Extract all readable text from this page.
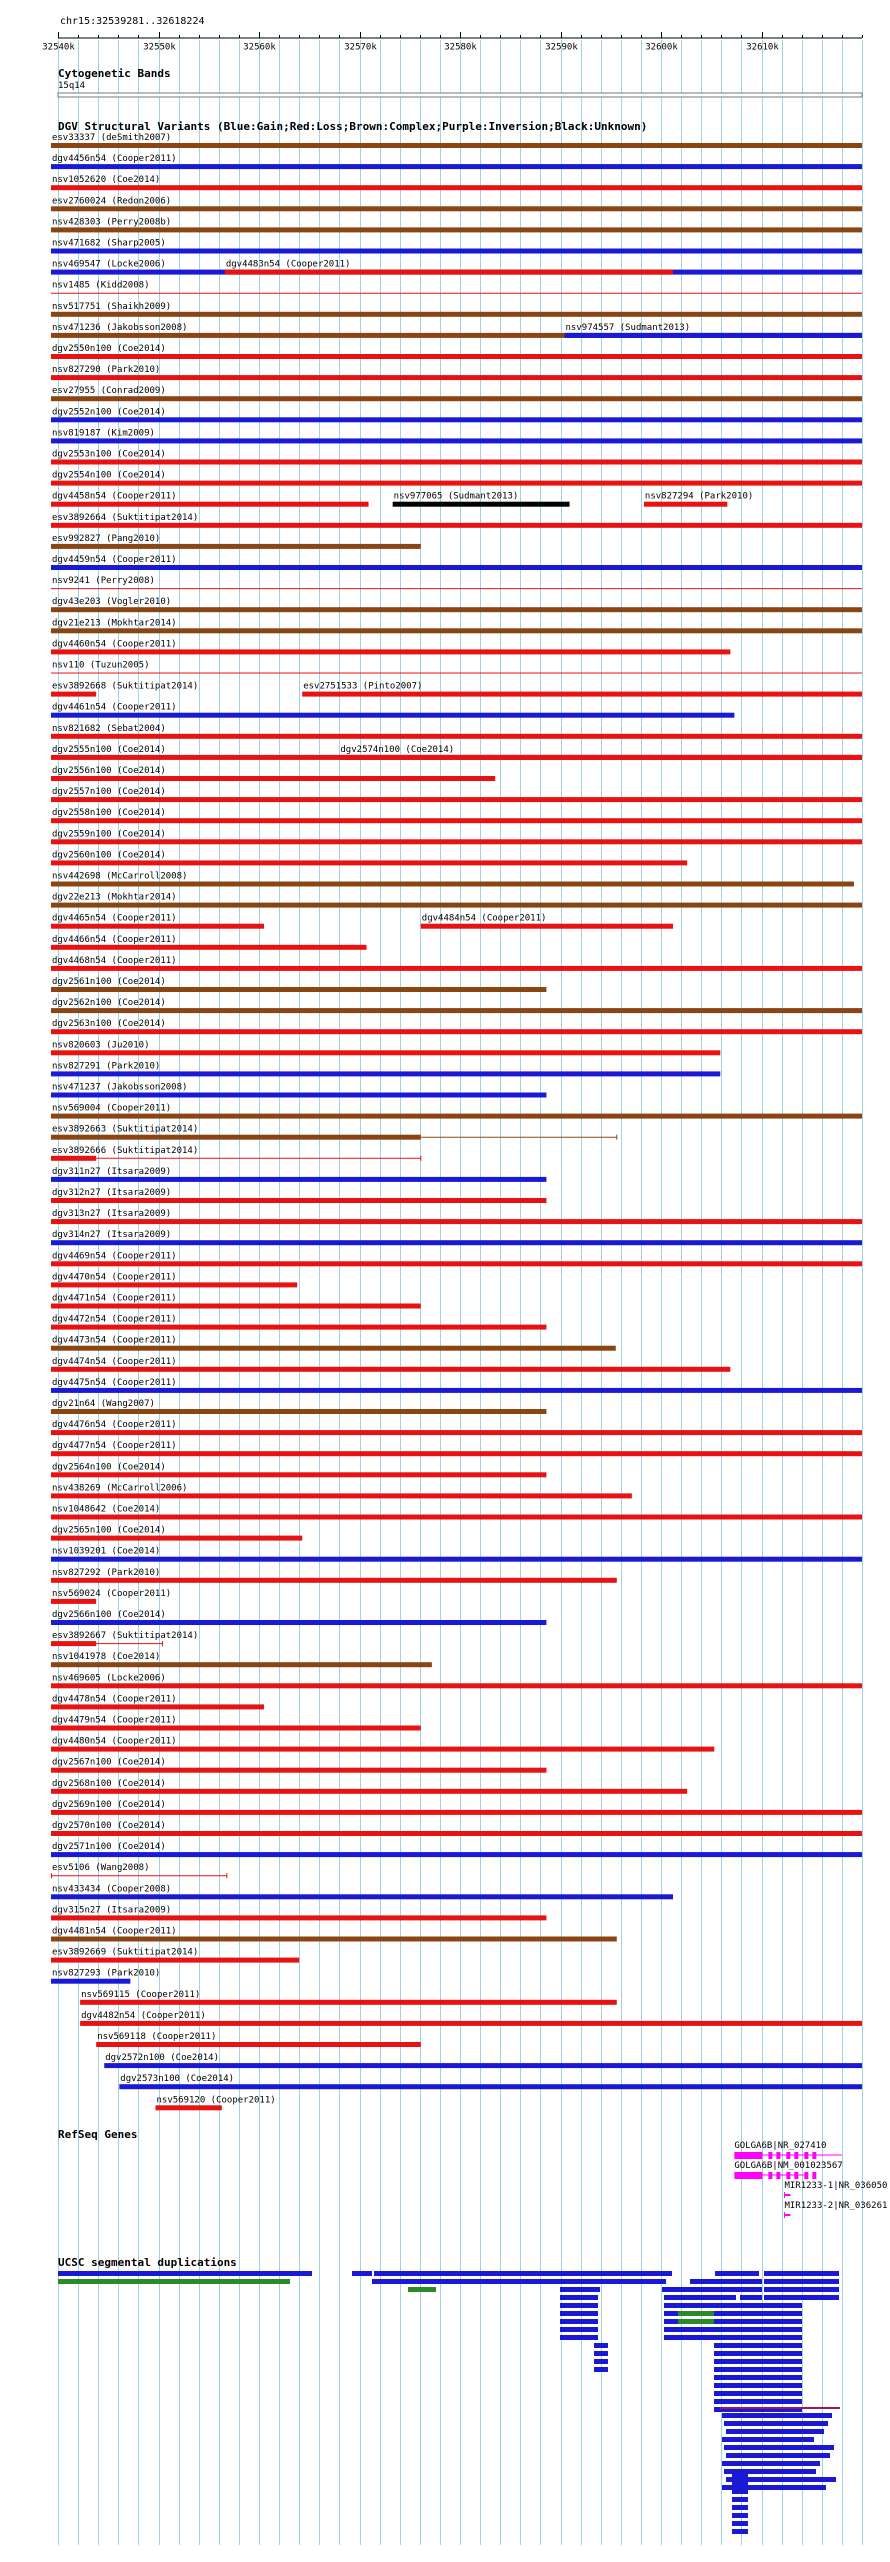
chr15:32539281..32618224
32540k	32550k	32560k	32570k	32580k	32590k	32600k	32610k
Cytogenetic Bands
15q14
DGV Structural Variants (Blue:Gain;Red:Loss;Brown:Complex;Purple:Inversion;Black:Unknown)
esv33337 (deSmith2007)
dgv4456n54 (Cooper2011)
nsv1052620 (Coe2014)
esv2760024 (Redon2006)
nsv428303 (Perry2008b)
nsv471682 (Sharp2005)
nsv469547 (Locke2006)	dgv4483n54 (Cooper2011)
nsv1485 (Kidd2008)
nsv517751 (Shaikh2009)
nsv471236 (Jakobsson2008)	nsv974557 (Sudmant2013)
dgv2550n100 (Coe2014)
nsv827290 (Park2010)
esv27955 (Conrad2009)
dgv2552n100 (Coe2014)
nsv819187 (Kim2009)
dgv2553n100 (Coe2014)
dgv2554n100 (Coe2014)
dgv4458n54 (Cooper2011)	nsv977065 (Sudmant2013)	nsv827294 (Park2010)
esv3892664 (Suktitipat2014)
esv992827 (Pang2010)
dgv4459n54 (Cooper2011)
nsv9241 (Perry2008)
dgv43e203 (Vogler2010)
dgv21e213 (Mokhtar2014)
dgv4460n54 (Cooper2011)
nsv110 (Tuzun2005)
esv3892668 (Suktitipat2014)	esv2751533 (Pinto2007)
dgv4461n54 (Cooper2011)
nsv821682 (Sebat2004)
dgv2555n100 (Coe2014)	dgv2574n100 (Coe2014)
dgv2556n100 (Coe2014)
dgv2557n100 (Coe2014)
dgv2558n100 (Coe2014)
dgv2559n100 (Coe2014)
dgv2560n100 (Coe2014)
nsv442698 (McCarroll2008)
dgv22e213 (Mokhtar2014)
dgv4465n54 (Cooper2011)	dgv4484n54 (Cooper2011)
dgv4466n54 (Cooper2011)
dgv4468n54 (Cooper2011)
dgv2561n100 (Coe2014)
dgv2562n100 (Coe2014)
dgv2563n100 (Coe2014)
nsv820603 (Ju2010)
nsv827291 (Park2010)
nsv471237 (Jakobsson2008)
nsv569004 (Cooper2011)
esv3892663 (Suktitipat2014)
esv3892666 (Suktitipat2014)
dgv311n27 (Itsara2009)
dgv312n27 (Itsara2009)
dgv313n27 (Itsara2009)
dgv314n27 (Itsara2009)
dgv4469n54 (Cooper2011)
dgv4470n54 (Cooper2011)
dgv4471n54 (Cooper2011)
dgv4472n54 (Cooper2011)
dgv4473n54 (Cooper2011)
dgv4474n54 (Cooper2011)
dgv4475n54 (Cooper2011)
dgv21n64 (Wang2007)
dgv4476n54 (Cooper2011)
dgv4477n54 (Cooper2011)
dgv2564n100 (Coe2014)
nsv438269 (McCarroll2006)
nsv1048642 (Coe2014)
dgv2565n100 (Coe2014)
nsv1039201 (Coe2014)
nsv827292 (Park2010)
nsv569024 (Cooper2011)
dgv2566n100 (Coe2014)
esv3892667 (Suktitipat2014)
nsv1041978 (Coe2014)
nsv469605 (Locke2006)
dgv4478n54 (Cooper2011)
dgv4479n54 (Cooper2011)
dgv4480n54 (Cooper2011)
dgv2567n100 (Coe2014)
dgv2568n100 (Coe2014)
dgv2569n100 (Coe2014)
dgv2570n100 (Coe2014)
dgv2571n100 (Coe2014)
esv5106 (Wang2008)
nsv433434 (Cooper2008)
dgv315n27 (Itsara2009)
dgv4481n54 (Cooper2011)
esv3892669 (Suktitipat2014)
nsv827293 (Park2010)
nsv569115 (Cooper2011)
dgv4482n54 (Cooper2011)
nsv569118 (Cooper2011)
dgv2572n100 (Coe2014)
dgv2573n100 (Coe2014)
nsv569120 (Cooper2011)
RefSeq Genes
GOLGA6B|NR_027410
GOLGA6B|NM_001023567
MIR1233-1|NR_036050
MIR1233-2|NR_036261
UCSC segmental duplications
